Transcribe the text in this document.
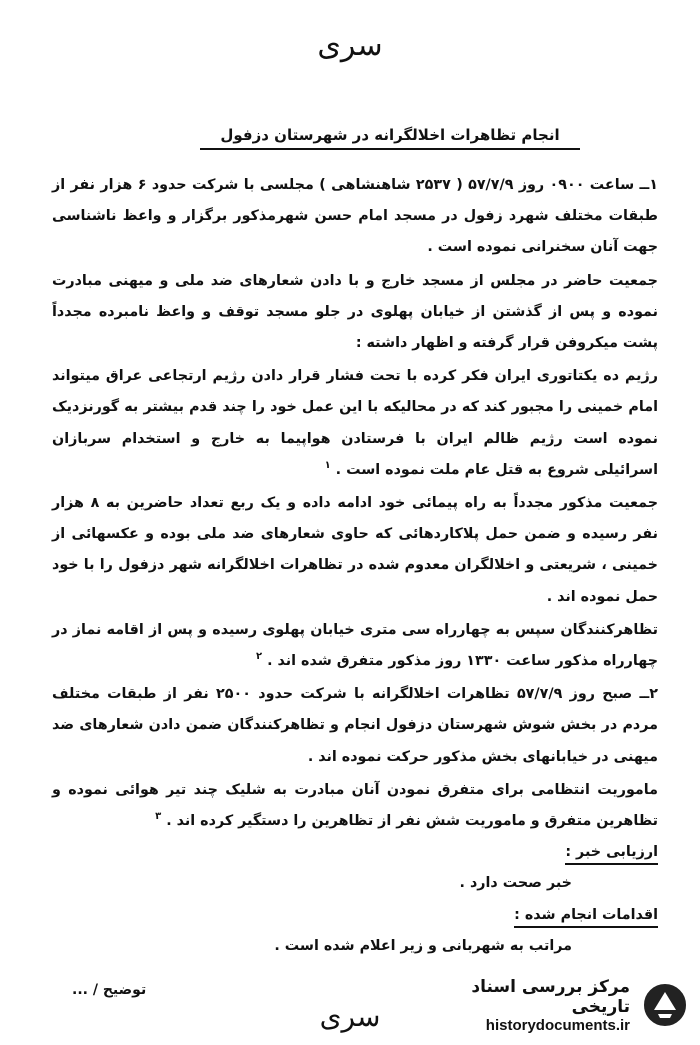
سری
انجام تظاهرات اخلالگرانه در شهرستان دزفول

۱ــ ساعت ۰۹۰۰ روز ۵۷/۷/۹ ( ۲۵۳۷ شاهنشاهی ) مجلسی با شرکت حدود ۶ هزار نفر از طبقات مختلف شهرد زفول در مسجد امام حسن شهرمذکور برگزار و واعظ ناشناسی جهت آنان سخنرانی نموده است .

جمعیت حاضر در مجلس از مسجد خارج و با دادن شعارهای ضد ملی و میهنی مبادرت نموده و پس از گذشتن از خیابان پهلوی در جلو مسجد توقف و واعظ نامبرده مجدداً پشت میکروفن قرار گرفته و اظهار داشته :

رژیم ده یکتاتوری ایران فکر کرده با تحت فشار قرار دادن رژیم ارتجاعی عراق میتواند امام خمینی را مجبور کند که در محالیکه با این عمل خود را چند قدم بیشتر به گورنزدیک نموده است رژیم ظالم ایران با فرستادن هواپیما به خارج و استخدام سربازان اسرائیلی شروع به قتل عام ملت نموده است . $^۱$

جمعیت مذکور مجدداً به راه پیمائی خود ادامه داده و یک ربع تعداد حاضرین به ۸ هزار نفر رسیده و ضمن حمل پلاکاردهائی که حاوی شعارهای ضد ملی بوده و عکسهائی از خمینی ، شریعتی و اخلالگران معدوم شده در تظاهرات اخلالگرانه شهر دزفول را با خود حمل نموده اند .

تظاهرکنندگان سپس به چهارراه سی متری خیابان پهلوی رسیده و پس از اقامه نماز در چهارراه مذکور ساعت ۱۳۳۰ روز مذکور متفرق شده اند . $^۲$

۲ــ صبح روز ۵۷/۷/۹ تظاهرات اخلالگرانه با شرکت حدود ۲۵۰۰ نفر از طبقات مختلف مردم در بخش شوش شهرستان دزفول انجام و تظاهرکنندگان ضمن دادن شعارهای ضد میهنی در خیابانهای بخش مذکور حرکت نموده اند .

ماموریت انتظامی برای متفرق نمودن آنان مبادرت به شلیک چند تیر هوائی نموده و تظاهرین متفرق و ماموریت شش نفر از تظاهرین را دستگیر کرده اند . $^۳$

ارزیابی خبر :

خبر صحت دارد .

اقدامات انجام شده :

مراتب به شهربانی و زیر اعلام شده است .

توضیح / ...
سری
مرکز بررسی اسناد تاریخی
historydocuments.ir
